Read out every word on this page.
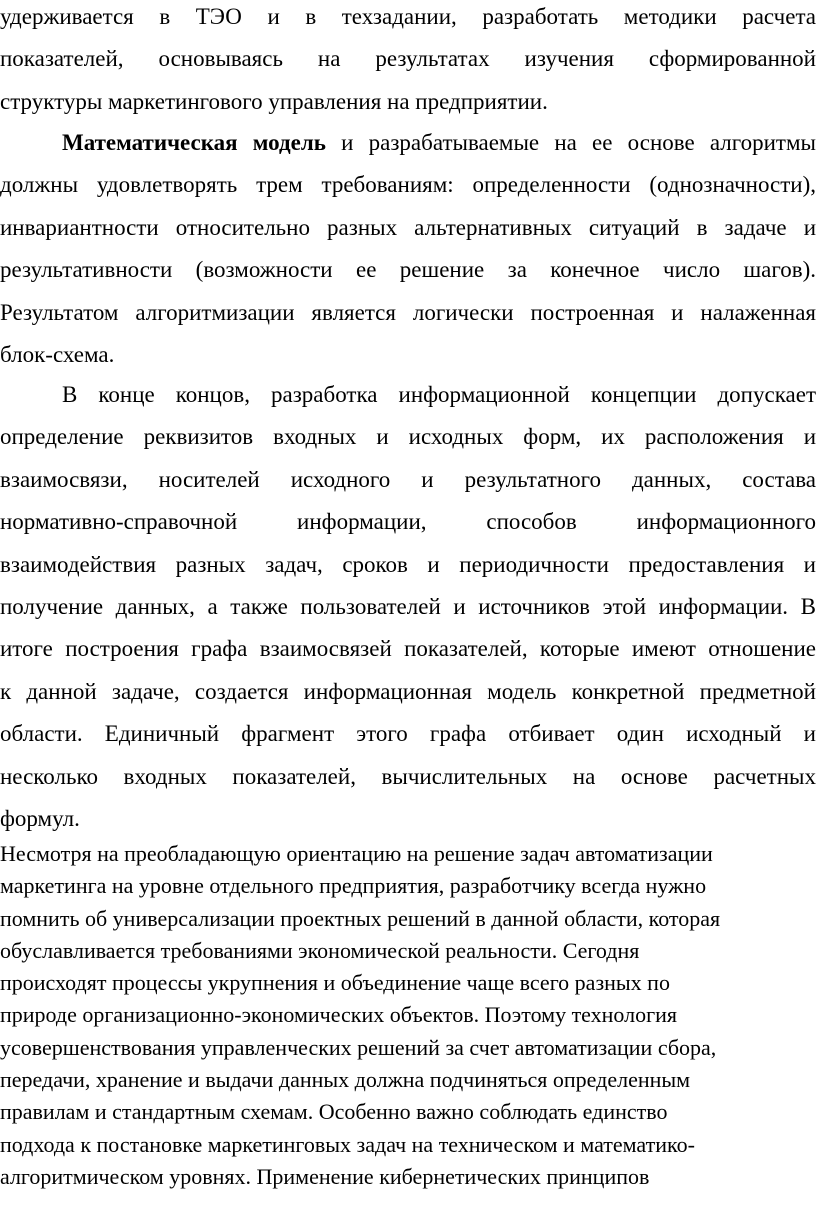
удерживается в ТЭО и в техзадании, разработать методики расчета
показателей, основываясь на результатах изучения сформированной
структуры маркетингового управления на предприятии.
Математическая модель и разрабатываемые на ее основе алгоритмы
должны удовлетворять трем требованиям: определенности (однозначности),
инвариантности относительно разных альтернативных ситуаций в задаче и
результативности (возможности ее решение за конечное число шагов).
Результатом алгоритмизации является логически построенная и налаженная
блок-схема.
В конце концов, разработка информационной концепции допускает
определение реквизитов входных и исходных форм, их расположения и
взаимосвязи, носителей исходного и результатного данных, состава
нормативно-справочной информации, способов информационного
взаимодействия разных задач, сроков и периодичности предоставления и
получение данных, а также пользователей и источников этой информации. В
итоге построения графа взаимосвязей показателей, которые имеют отношение
к данной задаче, создается информационная модель конкретной предметной
области. Единичный фрагмент этого графа отбивает один исходный и
несколько входных показателей, вычислительных на основе расчетных
формул.
Несмотря на преобладающую ориентацию на решение задач автоматизации
маркетинга на уровне отдельного предприятия, разработчику всегда нужно
помнить об универсализации проектных решений в данной области, которая
обуславливается требованиями экономической реальности. Сегодня
происходят процессы укрупнения и объединение чаще всего разных по
природе организационно-экономических объектов. Поэтому технология
усовершенствования управленческих решений за счет автоматизации сбора,
передачи, хранение и выдачи данных должна подчиняться определенным
правилам и стандартным схемам. Особенно важно соблюдать единство
подхода к постановке маркетинговых задач на техническом и математико-
алгоритмическом уровнях. Применение кибернетических принципов
